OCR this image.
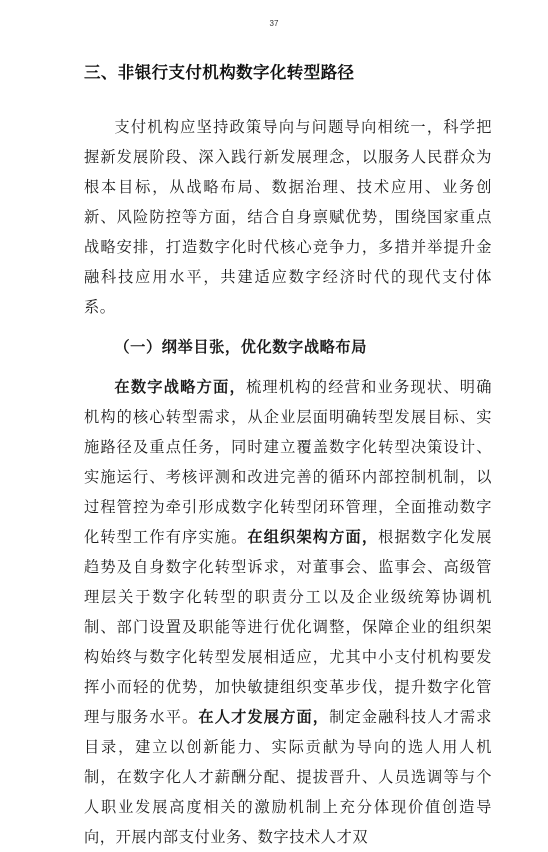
37
三、非银行支付机构数字化转型路径

支付机构应坚持政策导向与问题导向相统一，科学把握新发展阶段、深入践行新发展理念，以服务人民群众为根本目标，从战略布局、数据治理、技术应用、业务创新、风险防控等方面，结合自身禀赋优势，围绕国家重点战略安排，打造数字化时代核心竞争力，多措并举提升金融科技应用水平，共建适应数字经济时代的现代支付体系。

（一）纲举目张，优化数字战略布局

在数字战略方面，梳理机构的经营和业务现状、明确机构的核心转型需求，从企业层面明确转型发展目标、实施路径及重点任务，同时建立覆盖数字化转型决策设计、实施运行、考核评测和改进完善的循环内部控制机制，以过程管控为牵引形成数字化转型闭环管理，全面推动数字化转型工作有序实施。在组织架构方面，根据数字化发展趋势及自身数字化转型诉求，对董事会、监事会、高级管理层关于数字化转型的职责分工以及企业级统筹协调机制、部门设置及职能等进行优化调整，保障企业的组织架构始终与数字化转型发展相适应，尤其中小支付机构要发挥小而轻的优势，加快敏捷组织变革步伐，提升数字化管理与服务水平。在人才发展方面，制定金融科技人才需求目录，建立以创新能力、实际贡献为导向的选人用人机制，在数字化人才薪酬分配、提拔晋升、人员选调等与个人职业发展高度相关的激励机制上充分体现价值创造导向，开展内部支付业务、数字技术人才双
